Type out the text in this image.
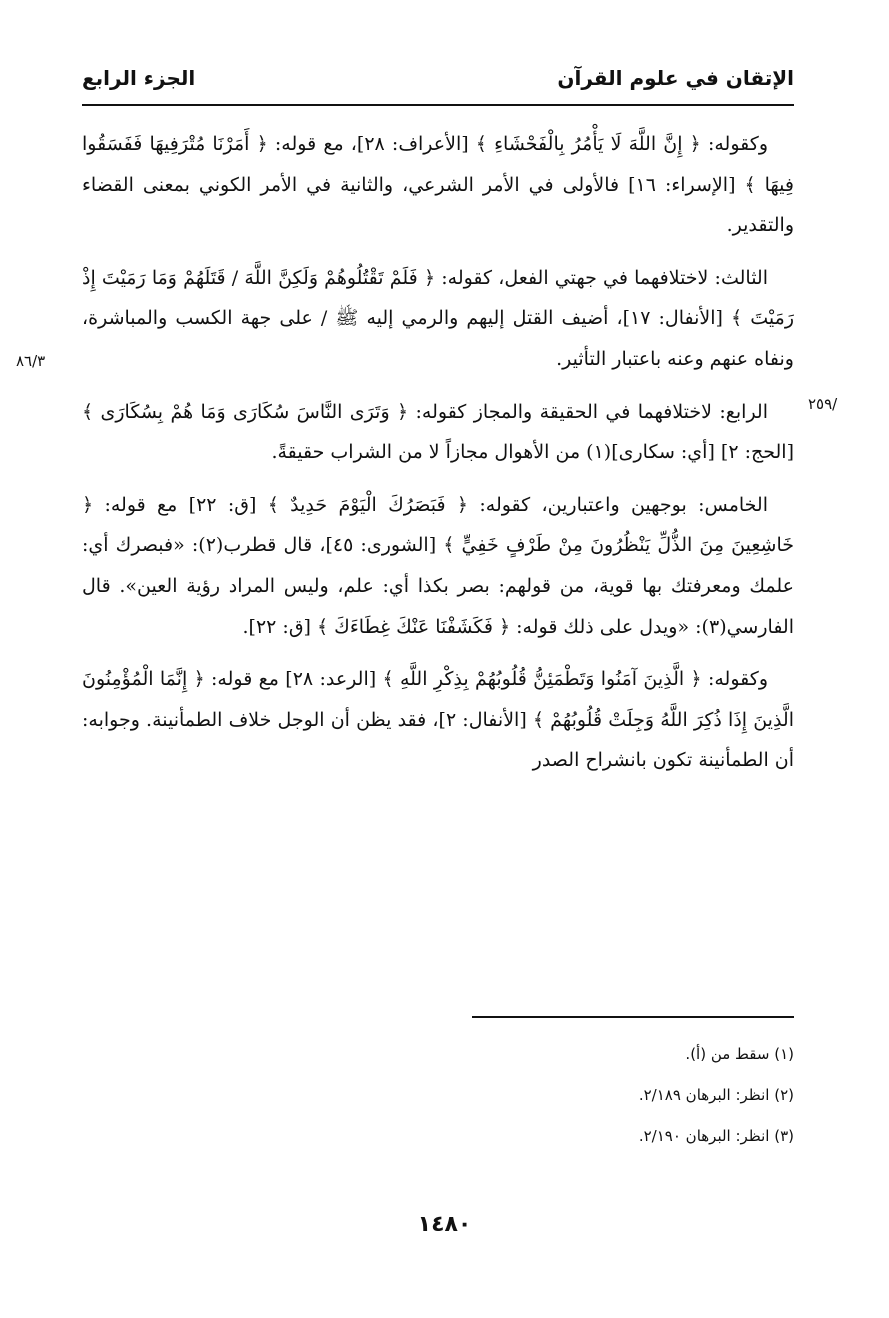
الإتقان في علوم القرآن
الجزء الرابع

وكقوله: ﴿ إِنَّ اللَّهَ لَا يَأْمُرُ بِالْفَحْشَاءِ ﴾ [الأعراف: ٢٨]، مع قوله: ﴿ أَمَرْنَا مُتْرَفِيهَا فَفَسَقُوا فِيهَا ﴾ [الإسراء: ١٦] فالأولى في الأمر الشرعي، والثانية في الأمر الكوني بمعنى القضاء والتقدير.

الثالث: لاختلافهما في جهتي الفعل، كقوله: ﴿ فَلَمْ تَقْتُلُوهُمْ وَلَكِنَّ اللَّهَ / قَتَلَهُمْ وَمَا رَمَيْتَ إِذْ رَمَيْتَ ﴾ [الأنفال: ١٧]، أضيف القتل إليهم والرمي إليه ﷺ / على جهة الكسب والمباشرة، ونفاه عنهم وعنه باعتبار التأثير.

الرابع: لاختلافهما في الحقيقة والمجاز كقوله: ﴿ وَتَرَى النَّاسَ سُكَارَى وَمَا هُمْ بِسُكَارَى ﴾ [الحج: ٢] [أي: سكارى](١) من الأهوال مجازاً لا من الشراب حقيقةً.

الخامس: بوجهين واعتبارين، كقوله: ﴿ فَبَصَرُكَ الْيَوْمَ حَدِيدٌ ﴾ [ق: ٢٢] مع قوله: ﴿ خَاشِعِينَ مِنَ الذُّلِّ يَنْظُرُونَ مِنْ طَرْفٍ خَفِيٍّ ﴾ [الشورى: ٤٥]، قال قطرب(٢): «فبصرك أي: علمك ومعرفتك بها قوية، من قولهم: بصر بكذا أي: علم، وليس المراد رؤية العين». قال الفارسي(٣): «ويدل على ذلك قوله: ﴿ فَكَشَفْنَا عَنْكَ غِطَاءَكَ ﴾ [ق: ٢٢].

وكقوله: ﴿ الَّذِينَ آمَنُوا وَتَطْمَئِنُّ قُلُوبُهُمْ بِذِكْرِ اللَّهِ ﴾ [الرعد: ٢٨] مع قوله: ﴿ إِنَّمَا الْمُؤْمِنُونَ الَّذِينَ إِذَا ذُكِرَ اللَّهُ وَجِلَتْ قُلُوبُهُمْ ﴾ [الأنفال: ٢]، فقد يظن أن الوجل خلاف الطمأنينة. وجوابه: أن الطمأنينة تكون بانشراح الصدر

٨٦/٣
/٢٥٩

(١) سقط من (أ).

(٢) انظر: البرهان ٢/١٨٩.

(٣) انظر: البرهان ٢/١٩٠.

١٤٨٠
